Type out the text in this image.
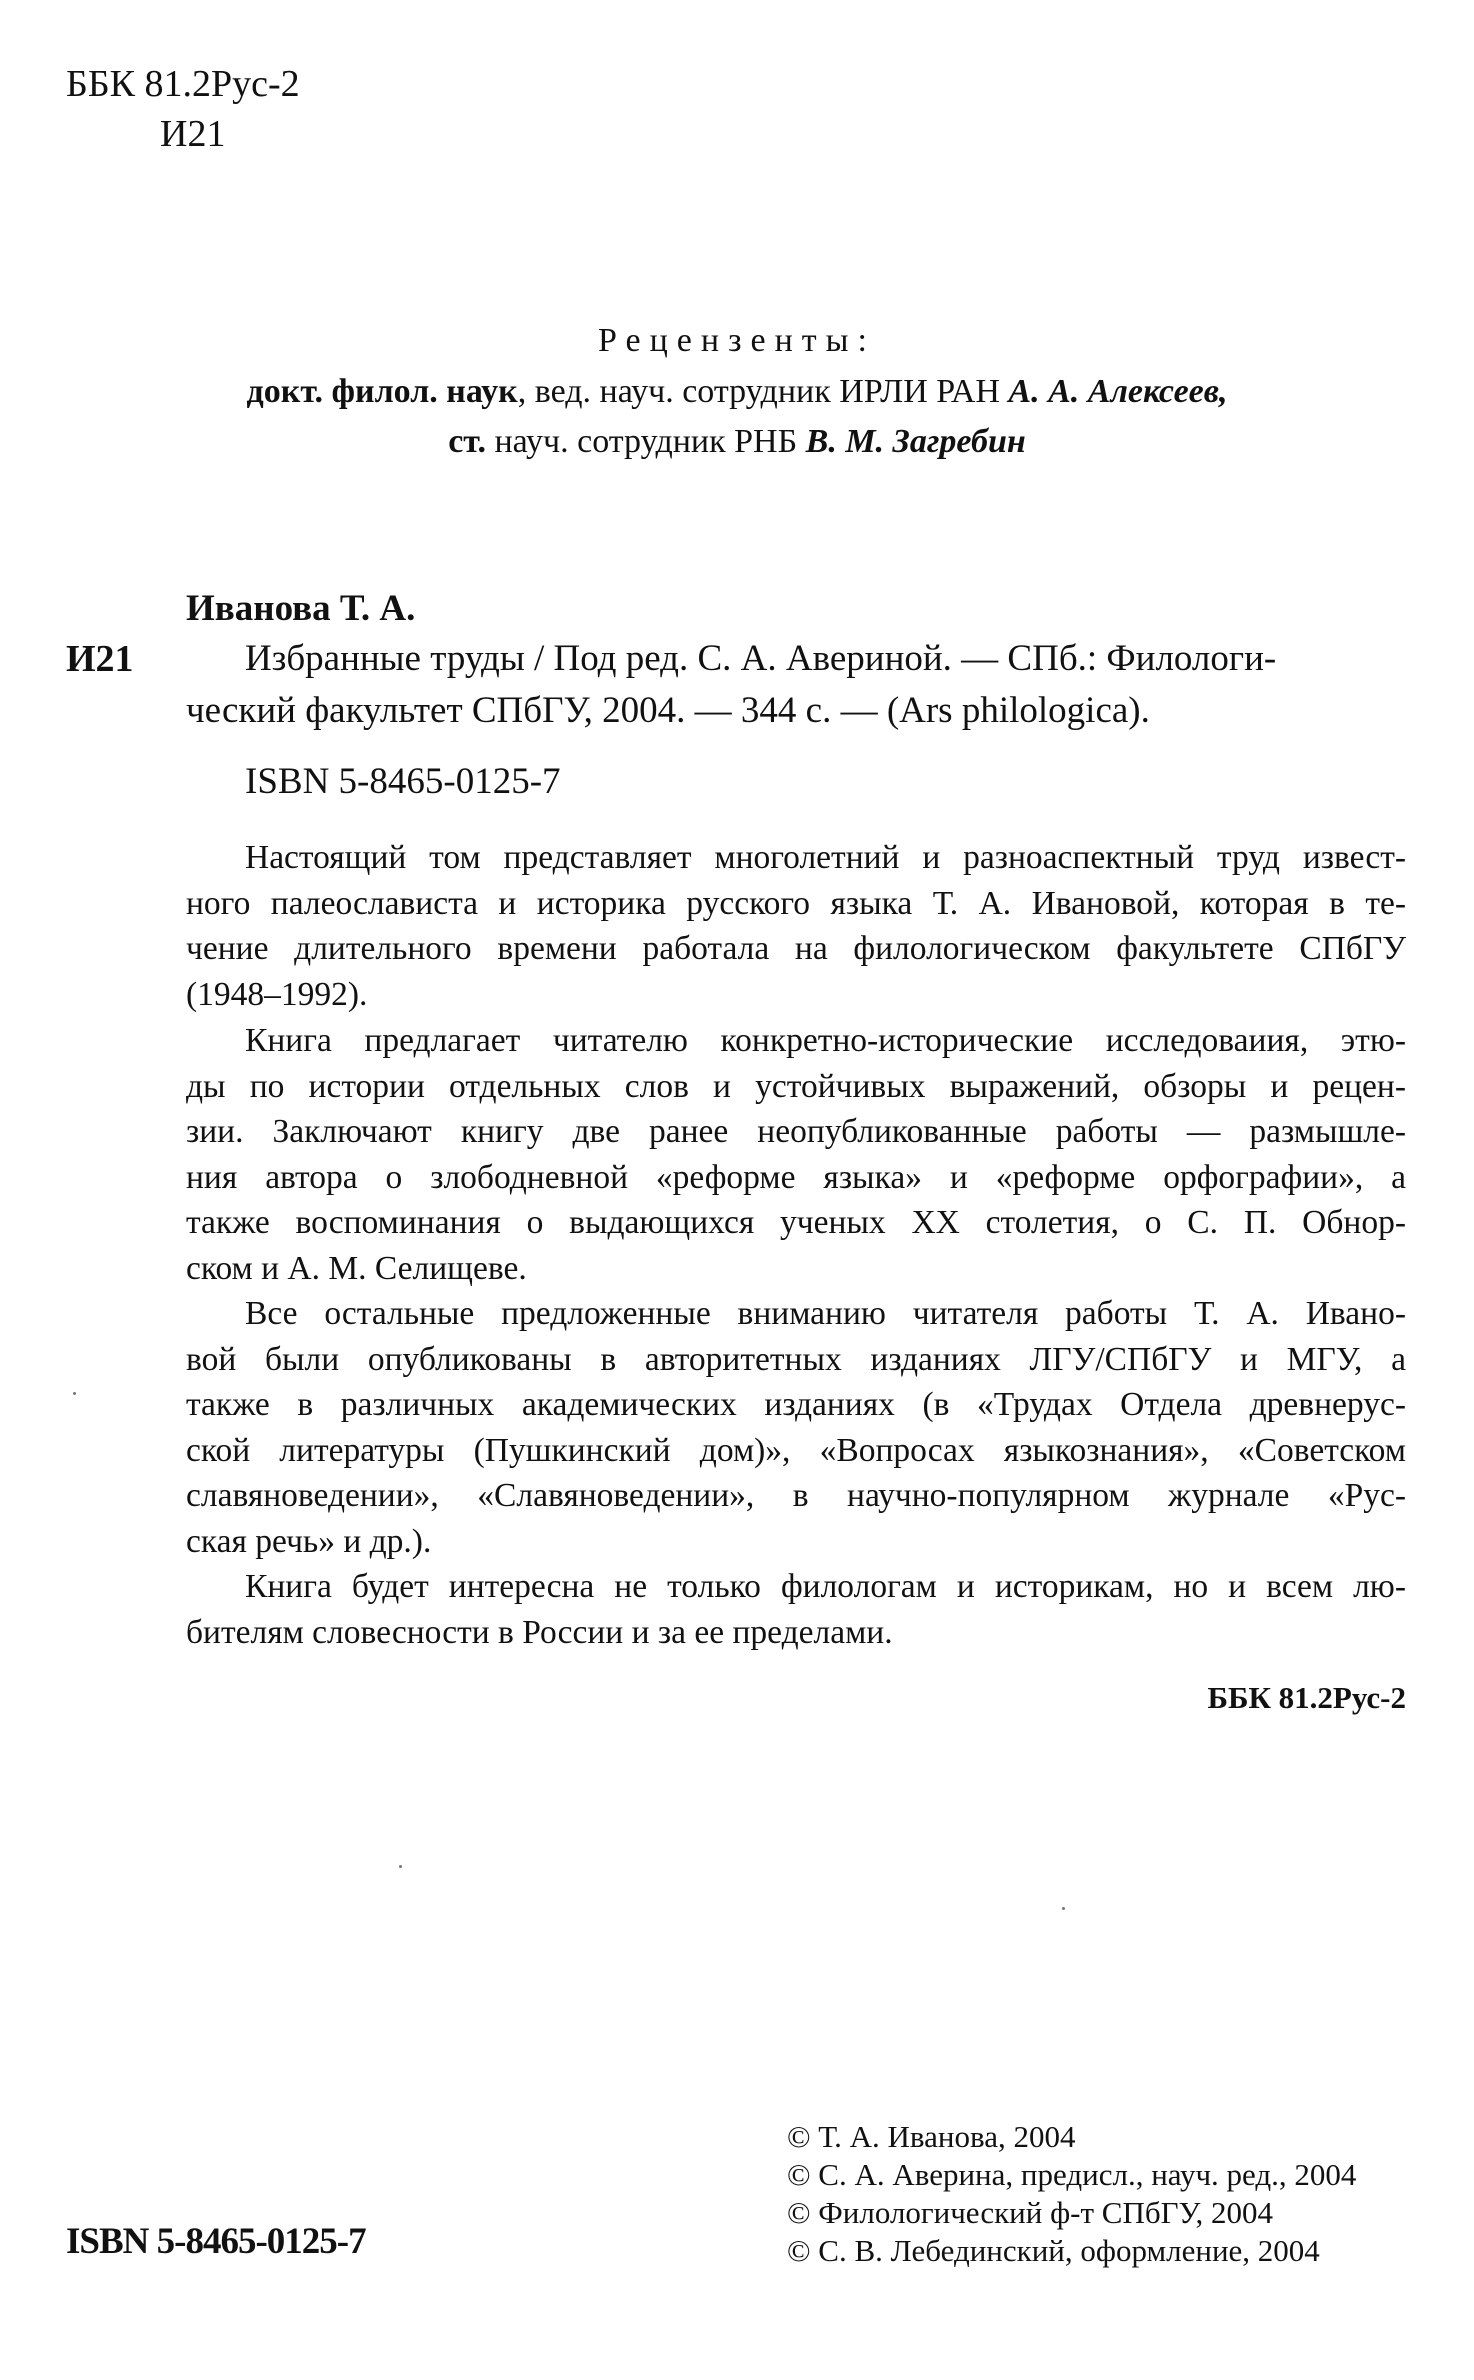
ББК 81.2Рус-2
И21
Рецензенты:
докт. филол. наук, вед. науч. сотрудник ИРЛИ РАН А. А. Алексеев,
ст. науч. сотрудник РНБ В. М. Загребин
Иванова Т. А.
И21	Избранные труды / Под ред. С. А. Авериной. — СПб.: Филологи-
ческий факультет СПбГУ, 2004. — 344 с. — (Ars philologica).
ISBN 5-8465-0125-7
Настоящий том представляет многолетний и разноаспектный труд извест-
ного палеослависта и историка русского языка Т. А. Ивановой, которая в те-
чение длительного времени работала на филологическом факультете СПбГУ
(1948–1992).
Книга предлагает читателю конкретно-исторические исследоваиия, этю-
ды по истории отдельных слов и устойчивых выражений, обзоры и рецен-
зии. Заключают книгу две ранее неопубликованные работы — размышле-
ния автора о злободневной «реформе языка» и «реформе орфографии», а
также воспоминания о выдающихся ученых XX столетия, о С. П. Обнор-
ском и А. М. Селищеве.
Все остальные предложенные вниманию читателя работы Т. А. Ивано-
вой были опубликованы в авторитетных изданиях ЛГУ/СПбГУ и МГУ, а
также в различных академических изданиях (в «Трудах Отдела древнерус-
ской литературы (Пушкинский дом)», «Вопросах языкознания», «Советском
славяноведении», «Славяноведении», в научно-популярном журнале «Рус-
ская речь» и др.).
Книга будет интересна не только филологам и историкам, но и всем лю-
бителям словесности в России и за ее пределами.
ББК 81.2Рус-2
ISBN 5-8465-0125-7
© Т. А. Иванова, 2004
© С. А. Аверина, предисл., науч. ред., 2004
© Филологический ф-т СПбГУ, 2004
© С. В. Лебединский, оформление, 2004
